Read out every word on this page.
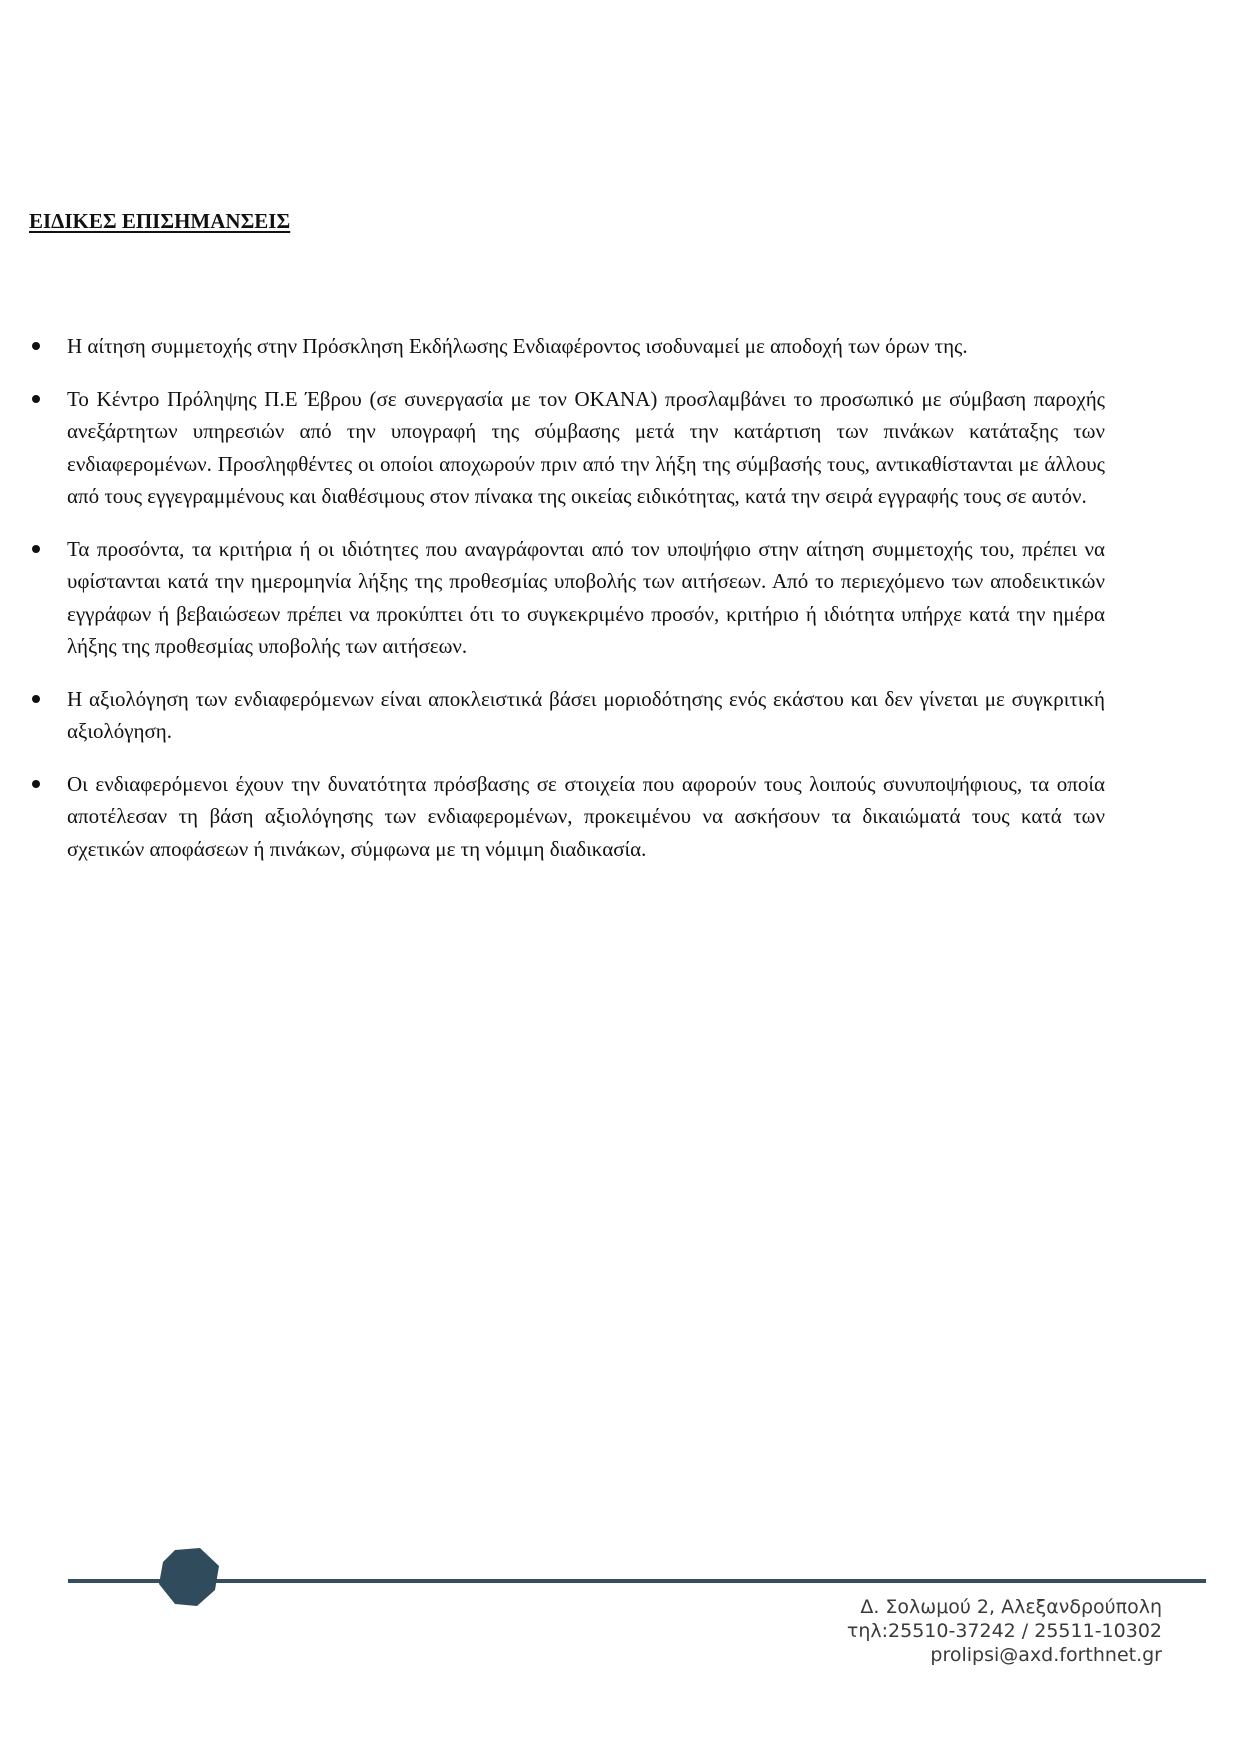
ΕΙΔΙΚΕΣ ΕΠΙΣΗΜΑΝΣΕΙΣ
Η αίτηση συμμετοχής στην Πρόσκληση Εκδήλωσης Ενδιαφέροντος ισοδυναμεί με αποδοχή των όρων της.
Το Κέντρο Πρόληψης Π.Ε Έβρου (σε συνεργασία με τον ΟΚΑΝΑ) προσλαμβάνει το προσωπικό με σύμβαση παροχής ανεξάρτητων υπηρεσιών από την υπογραφή της σύμβασης μετά την κατάρτιση των πινάκων κατάταξης των ενδιαφερομένων. Προσληφθέντες οι οποίοι αποχωρούν πριν από την λήξη της σύμβασής τους, αντικαθίστανται με άλλους από τους εγγεγραμμένους και διαθέσιμους στον πίνακα της οικείας ειδικότητας, κατά την σειρά εγγραφής τους σε αυτόν.
Τα προσόντα, τα κριτήρια ή οι ιδιότητες που αναγράφονται από τον υποψήφιο στην αίτηση συμμετοχής του, πρέπει να υφίστανται κατά την ημερομηνία λήξης της προθεσμίας υποβολής των αιτήσεων. Από το περιεχόμενο των αποδεικτικών εγγράφων ή βεβαιώσεων πρέπει να προκύπτει ότι το συγκεκριμένο προσόν, κριτήριο ή ιδιότητα υπήρχε κατά την ημέρα λήξης της προθεσμίας υποβολής των αιτήσεων.
Η αξιολόγηση των ενδιαφερόμενων είναι αποκλειστικά βάσει μοριοδότησης ενός εκάστου και δεν γίνεται με συγκριτική αξιολόγηση.
Οι ενδιαφερόμενοι έχουν την δυνατότητα πρόσβασης σε στοιχεία που αφορούν τους λοιπούς συνυποψήφιους, τα οποία αποτέλεσαν τη βάση αξιολόγησης των ενδιαφερομένων, προκειμένου να ασκήσουν τα δικαιώματά τους κατά των σχετικών αποφάσεων ή πινάκων, σύμφωνα με τη νόμιμη διαδικασία.
Δ. Σολωμού 2, Αλεξανδρούπολη
τηλ:25510-37242 / 25511-10302
prolipsi@axd.forthnet.gr
